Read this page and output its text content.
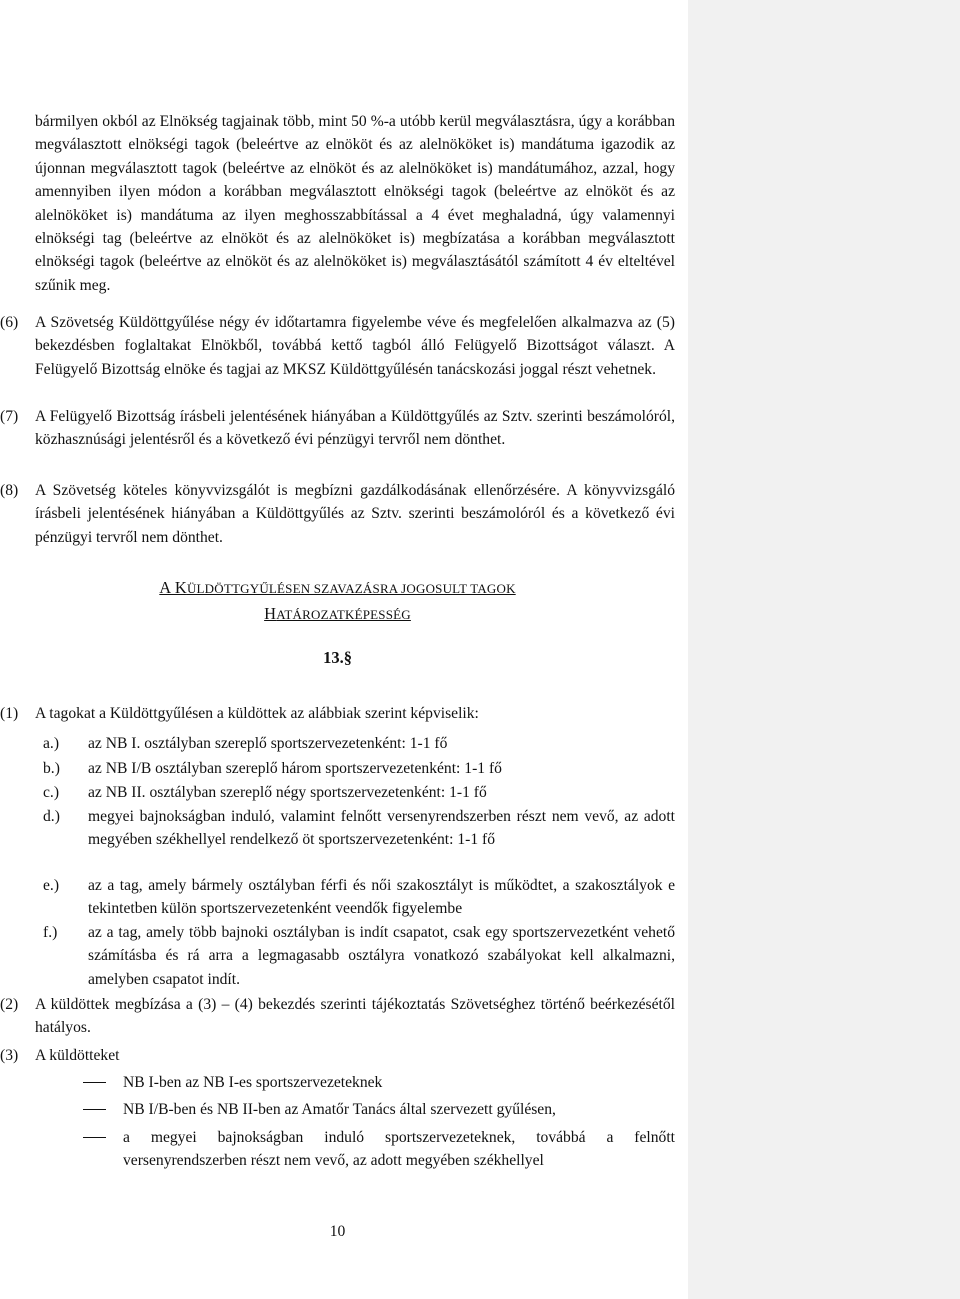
bármilyen okból az Elnökség tagjainak több, mint 50 %-a utóbb kerül megválasztásra, úgy a korábban megválasztott elnökségi tagok (beleértve az elnököt és az alelnököket is) mandátuma igazodik az újonnan megválasztott tagok (beleértve az elnököt és az alelnököket is) mandátumához, azzal, hogy amennyiben ilyen módon a korábban megválasztott elnökségi tagok (beleértve az elnököt és az alelnököket is) mandátuma az ilyen meghosszabbítással a 4 évet meghaladná, úgy valamennyi elnökségi tag (beleértve az elnököt és az alelnököket is) megbízatása a korábban megválasztott elnökségi tagok (beleértve az elnököt és az alelnököket is) megválasztásától számított 4 év elteltével szűnik meg.
(6) A Szövetség Küldöttgyűlése négy év időtartamra figyelembe véve és megfelelően alkalmazva az (5) bekezdésben foglaltakat Elnökből, továbbá kettő tagból álló Felügyelő Bizottságot választ. A Felügyelő Bizottság elnöke és tagjai az MKSZ Küldöttgyűlésén tanácskozási joggal részt vehetnek.
(7) A Felügyelő Bizottság írásbeli jelentésének hiányában a Küldöttgyűlés az Sztv. szerinti beszámolóról, közhasznúsági jelentésről és a következő évi pénzügyi tervről nem dönthet.
(8) A Szövetség köteles könyvvizsgálót is megbízni gazdálkodásának ellenőrzésére. A könyvvizsgáló írásbeli jelentésének hiányában a Küldöttgyűlés az Sztv. szerinti beszámolóról és a következő évi pénzügyi tervről nem dönthet.
A KÜLDÖTTGYŰLÉSEN SZAVAZÁSRA JOGOSULT TAGOK
HATÁROZATKÉPESSÉG
13.§
(1) A tagokat a Küldöttgyűlésen a küldöttek az alábbiak szerint képviselik:
a.) az NB I. osztályban szereplő sportszervezetenként: 1-1 fő
b.) az NB I/B osztályban szereplő három sportszervezetenként: 1-1 fő
c.) az NB II. osztályban szereplő négy sportszervezetenként: 1-1 fő
d.) megyei bajnokságban induló, valamint felnőtt versenyrendszerben részt nem vevő, az adott megyében székhellyel rendelkező öt sportszervezetenként: 1-1 fő
e.) az a tag, amely bármely osztályban férfi és női szakosztályt is működtet, a szakosztályok e tekintetben külön sportszervezetenként veendők figyelembe
f.) az a tag, amely több bajnoki osztályban is indít csapatot, csak egy sportszervezetként vehető számításba és rá arra a legmagasabb osztályra vonatkozó szabályokat kell alkalmazni, amelyben csapatot indít.
(2) A küldöttek megbízása a (3) – (4) bekezdés szerinti tájékoztatás Szövetséghez történő beérkezésétől hatályos.
(3) A küldötteket
NB I-ben az NB I-es sportszervezeteknek
NB I/B-ben és NB II-ben az Amatőr Tanács által szervezett gyűlésen,
a megyei bajnokságban induló sportszervezeteknek, továbbá a felnőtt versenyrendszerben részt nem vevő, az adott megyében székhellyel
10
